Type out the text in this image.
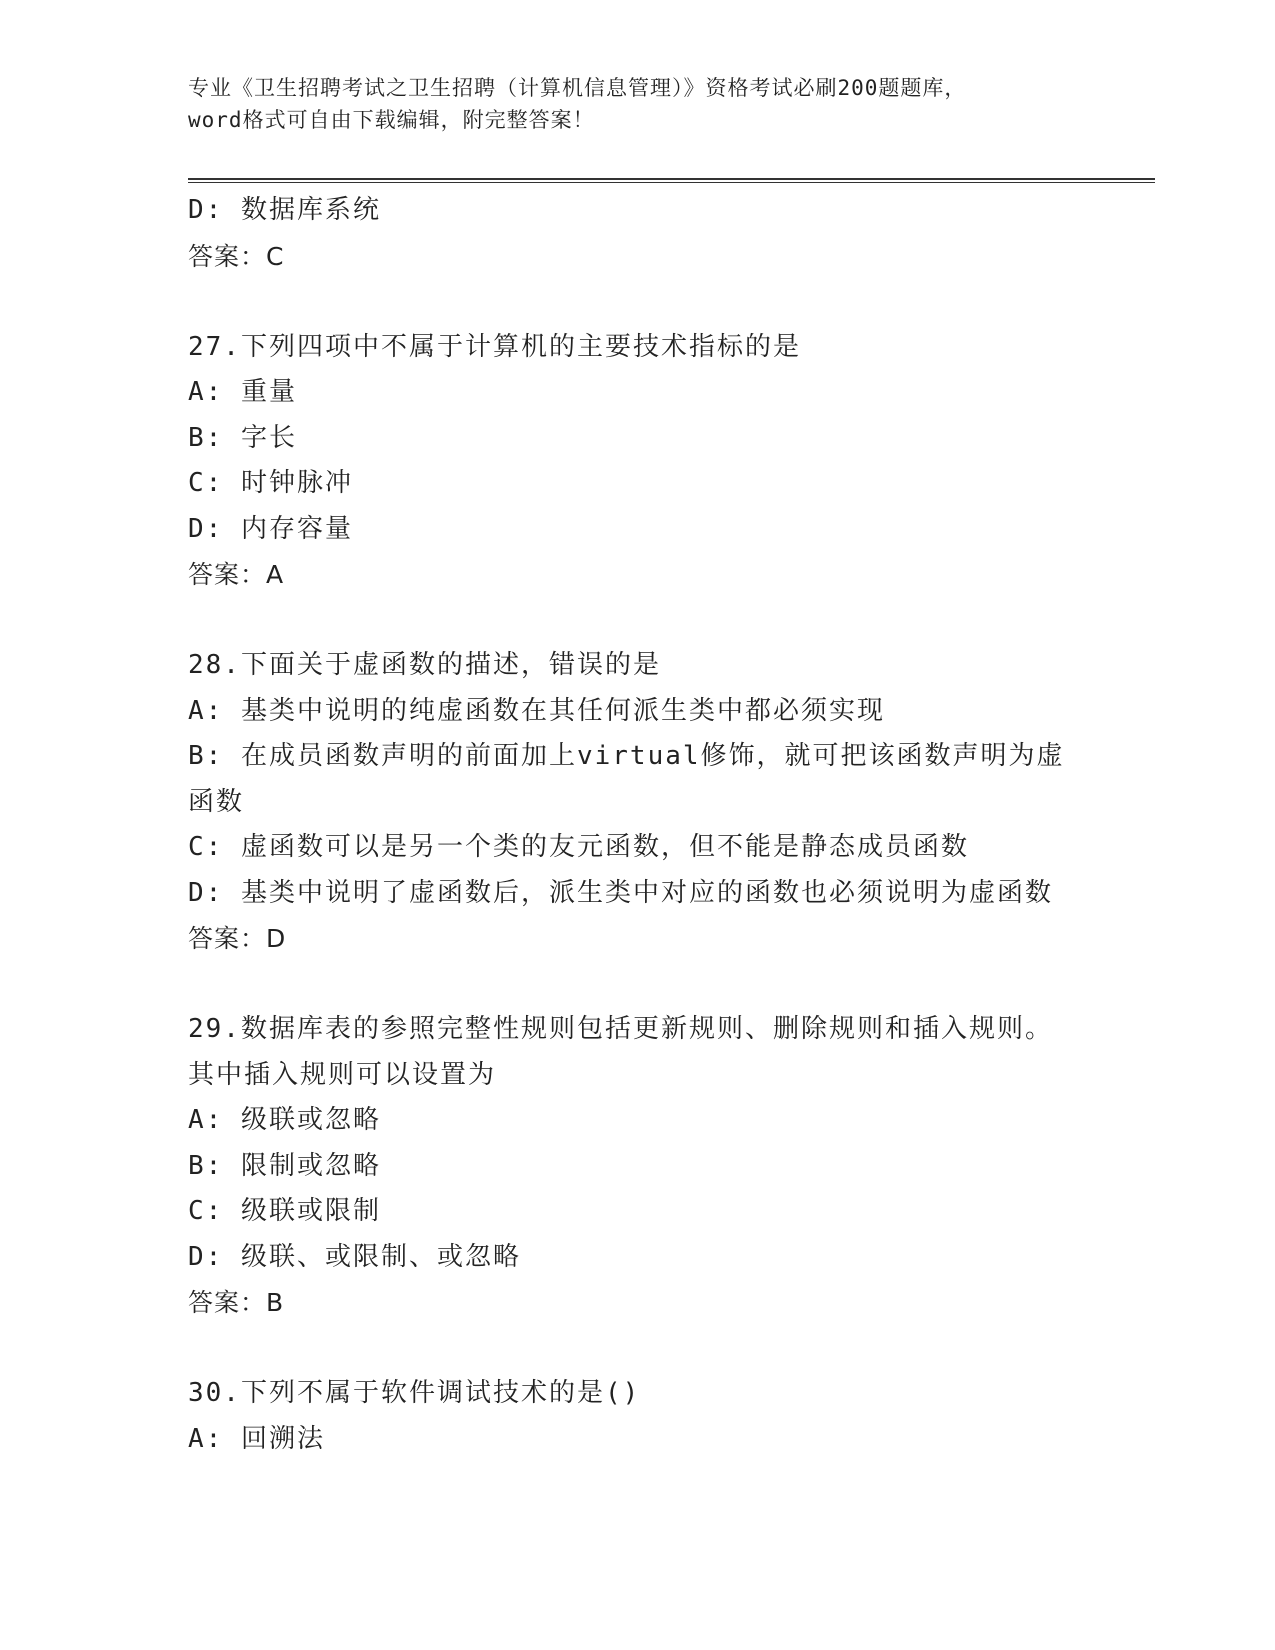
专业《卫生招聘考试之卫生招聘（计算机信息管理）》资格考试必刷200题题库，
word格式可自由下载编辑，附完整答案！
D: 数据库系统
答案：C
27.下列四项中不属于计算机的主要技术指标的是
A: 重量
B: 字长
C: 时钟脉冲
D: 内存容量
答案：A
28.下面关于虚函数的描述，错误的是
A: 基类中说明的纯虚函数在其任何派生类中都必须实现
B: 在成员函数声明的前面加上virtual修饰，就可把该函数声明为虚
函数
C: 虚函数可以是另一个类的友元函数，但不能是静态成员函数
D: 基类中说明了虚函数后，派生类中对应的函数也必须说明为虚函数
答案：D
29.数据库表的参照完整性规则包括更新规则、删除规则和插入规则。
其中插入规则可以设置为
A: 级联或忽略
B: 限制或忽略
C: 级联或限制
D: 级联、或限制、或忽略
答案：B
30.下列不属于软件调试技术的是()
A: 回溯法
